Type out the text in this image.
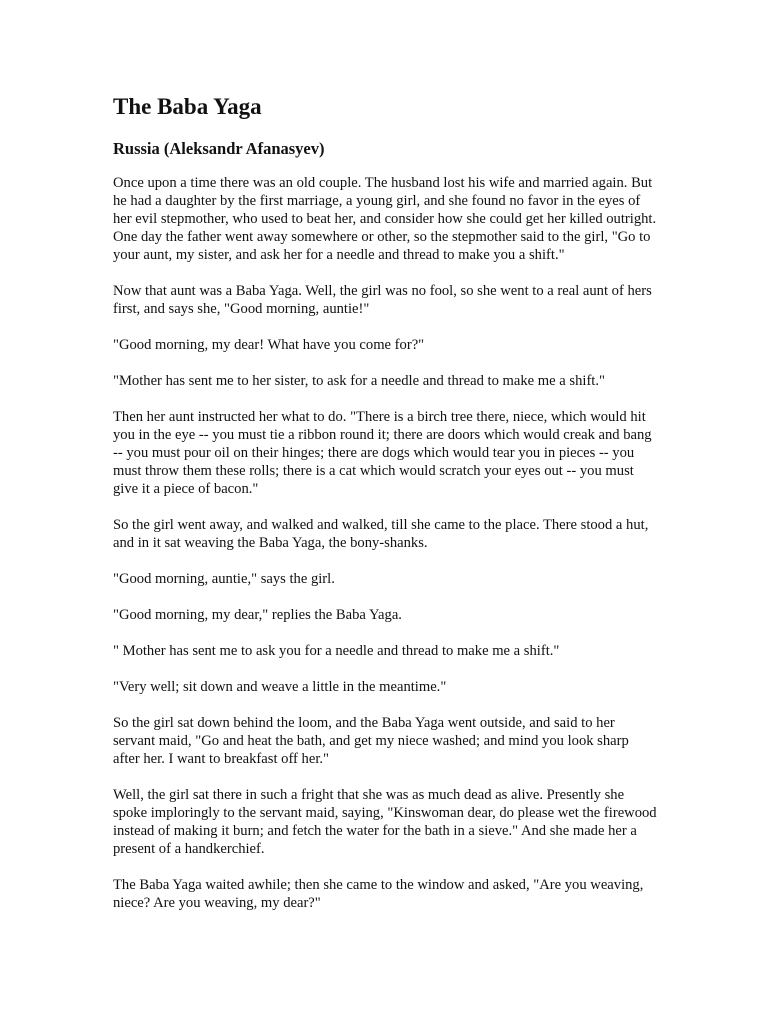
The Baba Yaga
Russia (Aleksandr Afanasyev)

Once upon a time there was an old couple. The husband lost his wife and married again. But he had a daughter by the first marriage, a young girl, and she found no favor in the eyes of her evil stepmother, who used to beat her, and consider how she could get her killed outright. One day the father went away somewhere or other, so the stepmother said to the girl, "Go to your aunt, my sister, and ask her for a needle and thread to make you a shift."

Now that aunt was a Baba Yaga. Well, the girl was no fool, so she went to a real aunt of hers first, and says she, "Good morning, auntie!"

"Good morning, my dear! What have you come for?"

"Mother has sent me to her sister, to ask for a needle and thread to make me a shift."

Then her aunt instructed her what to do. "There is a birch tree there, niece, which would hit you in the eye -- you must tie a ribbon round it; there are doors which would creak and bang -- you must pour oil on their hinges; there are dogs which would tear you in pieces -- you must throw them these rolls; there is a cat which would scratch your eyes out -- you must give it a piece of bacon."

So the girl went away, and walked and walked, till she came to the place. There stood a hut, and in it sat weaving the Baba Yaga, the bony-shanks.

"Good morning, auntie," says the girl.

"Good morning, my dear," replies the Baba Yaga.

" Mother has sent me to ask you for a needle and thread to make me a shift."

"Very well; sit down and weave a little in the meantime."

So the girl sat down behind the loom, and the Baba Yaga went outside, and said to her servant maid, "Go and heat the bath, and get my niece washed; and mind you look sharp after her. I want to breakfast off her."

Well, the girl sat there in such a fright that she was as much dead as alive. Presently she spoke imploringly to the servant maid, saying, "Kinswoman dear, do please wet the firewood instead of making it burn; and fetch the water for the bath in a sieve." And she made her a present of a handkerchief.

The Baba Yaga waited awhile; then she came to the window and asked, "Are you weaving, niece? Are you weaving, my dear?"
